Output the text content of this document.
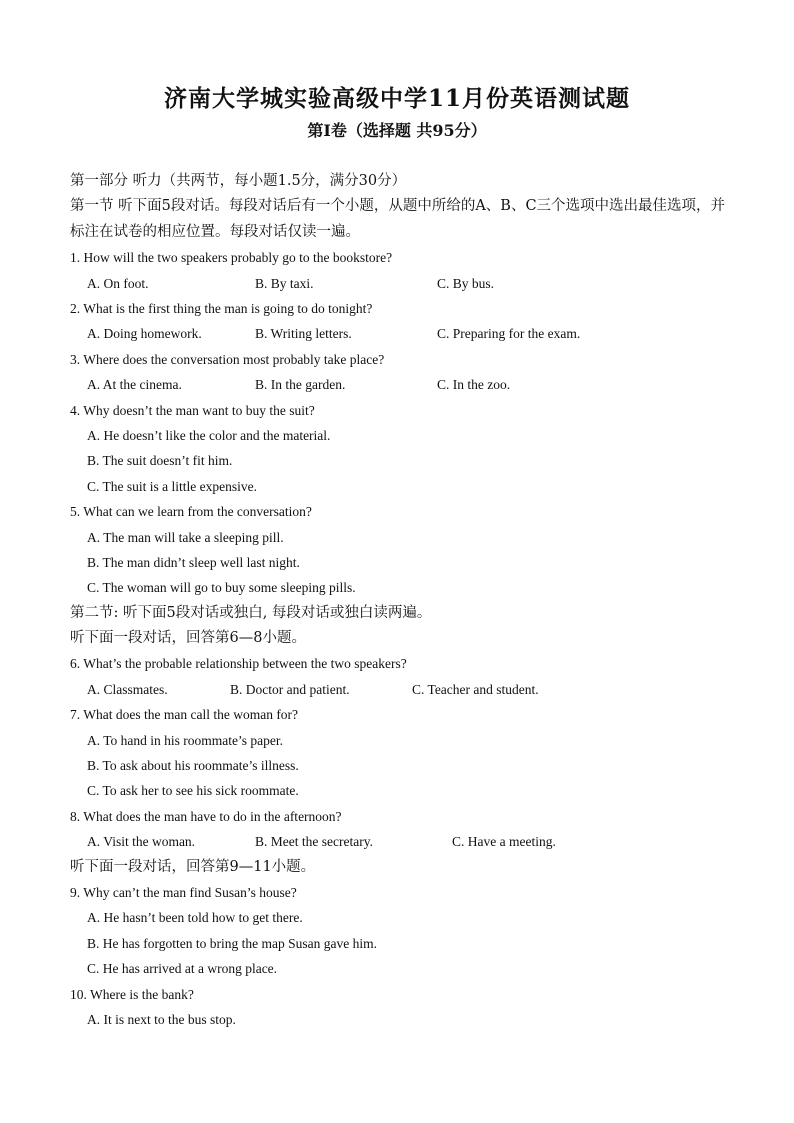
济南大学城实验高级中学11月份英语测试题
第Ⅰ卷（选择题 共95分）
第一部分 听力（共两节，每小题1.5分，满分30分）
第一节 听下面5段对话。每段对话后有一个小题，从题中所给的A、B、C三个选项中选出最佳选项，并标注在试卷的相应位置。每段对话仅读一遍。
1. How will the two speakers probably go to the bookstore?
A. On foot.	B. By taxi.	C. By bus.
2. What is the first thing the man is going to do tonight?
A. Doing homework.	B. Writing letters.	C. Preparing for the exam.
3. Where does the conversation most probably take place?
A. At the cinema.	B. In the garden.	C. In the zoo.
4. Why doesn’t the man want to buy the suit?
A. He doesn’t like the color and the material.
B. The suit doesn’t fit him.
C. The suit is a little expensive.
5. What can we learn from the conversation?
A. The man will take a sleeping pill.
B. The man didn’t sleep well last night.
C. The woman will go to buy some sleeping pills.
第二节: 听下面5段对话或独白, 每段对话或独白读两遍。
听下面一段对话，回答第6—8小题。
6. What’s the probable relationship between the two speakers?
A. Classmates.	B. Doctor and patient.	C. Teacher and student.
7. What does the man call the woman for?
A. To hand in his roommate’s paper.
B. To ask about his roommate’s illness.
C. To ask her to see his sick roommate.
8. What does the man have to do in the afternoon?
A. Visit the woman.	B. Meet the secretary.	C. Have a meeting.
听下面一段对话，回答第9—11小题。
9. Why can’t the man find Susan’s house?
A. He hasn’t been told how to get there.
B. He has forgotten to bring the map Susan gave him.
C. He has arrived at a wrong place.
10. Where is the bank?
A. It is next to the bus stop.
